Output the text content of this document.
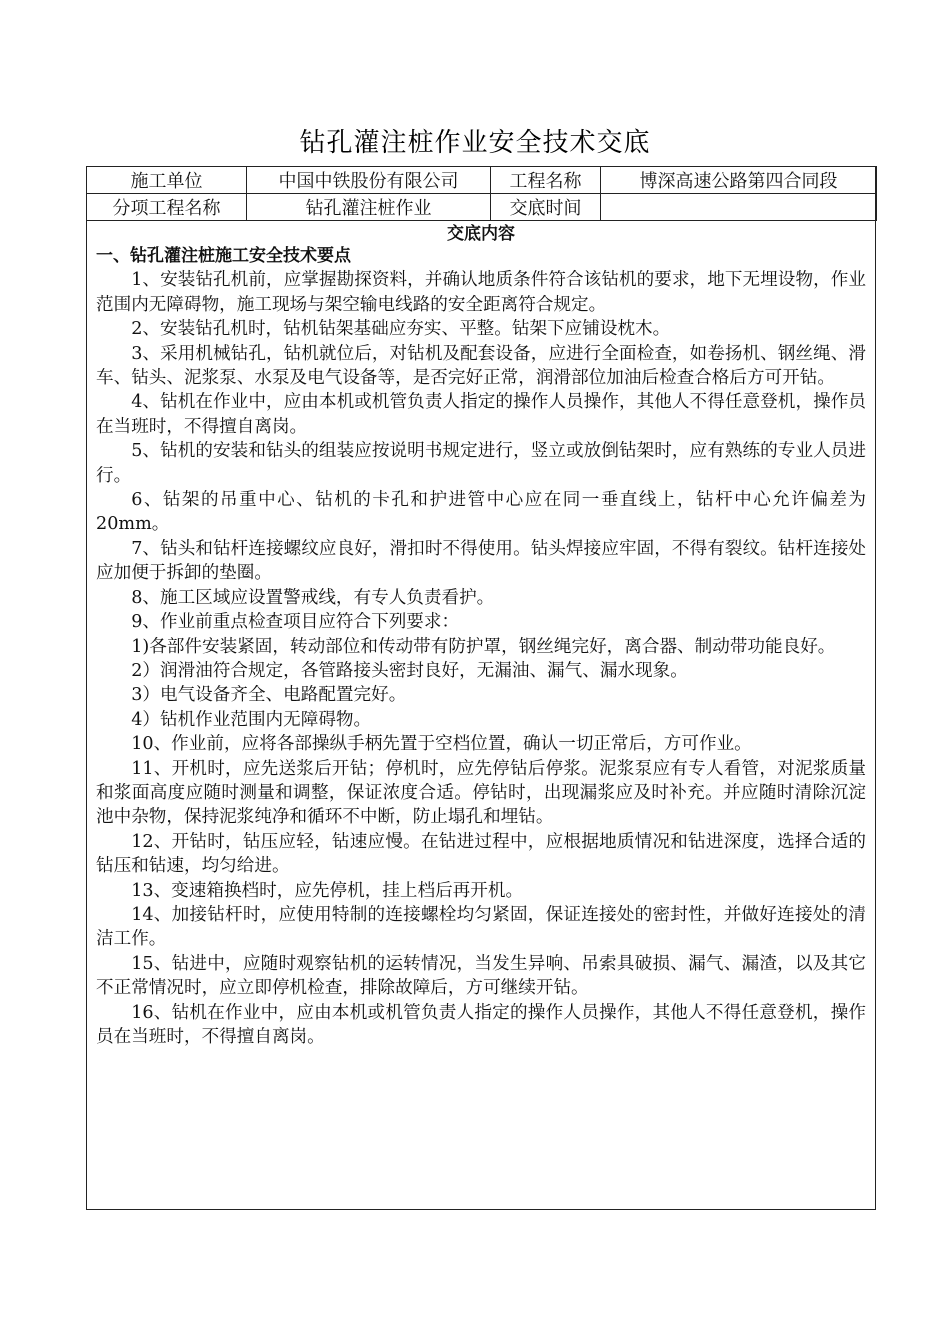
钻孔灌注桩作业安全技术交底
施工单位	中国中铁股份有限公司	工程名称	博深高速公路第四合同段
分项工程名称	钻孔灌注桩作业	交底时间	
交底内容

一、钻孔灌注桩施工安全技术要点

1、安装钻孔机前，应掌握勘探资料，并确认地质条件符合该钻机的要求，地下无埋设物，作业范围内无障碍物，施工现场与架空输电线路的安全距离符合规定。

2、安装钻孔机时，钻机钻架基础应夯实、平整。钻架下应铺设枕木。

3、采用机械钻孔，钻机就位后，对钻机及配套设备，应进行全面检查，如卷扬机、钢丝绳、滑车、钻头、泥浆泵、水泵及电气设备等，是否完好正常，润滑部位加油后检查合格后方可开钻。

4、钻机在作业中，应由本机或机管负责人指定的操作人员操作，其他人不得任意登机，操作员在当班时，不得擅自离岗。

5、钻机的安装和钻头的组装应按说明书规定进行，竖立或放倒钻架时，应有熟练的专业人员进行。

6、钻架的吊重中心、钻机的卡孔和护进管中心应在同一垂直线上，钻杆中心允许偏差为20mm。

7、钻头和钻杆连接螺纹应良好，滑扣时不得使用。钻头焊接应牢固，不得有裂纹。钻杆连接处应加便于拆卸的垫圈。

8、施工区域应设置警戒线，有专人负责看护。

9、作业前重点检查项目应符合下列要求：

1)各部件安装紧固，转动部位和传动带有防护罩，钢丝绳完好，离合器、制动带功能良好。

2）润滑油符合规定，各管路接头密封良好，无漏油、漏气、漏水现象。

3）电气设备齐全、电路配置完好。

4）钻机作业范围内无障碍物。

10、作业前，应将各部操纵手柄先置于空档位置，确认一切正常后，方可作业。

11、开机时，应先送浆后开钻；停机时，应先停钻后停浆。泥浆泵应有专人看管，对泥浆质量和浆面高度应随时测量和调整，保证浓度合适。停钻时，出现漏浆应及时补充。并应随时清除沉淀池中杂物，保持泥浆纯净和循环不中断，防止塌孔和埋钻。

12、开钻时，钻压应轻，钻速应慢。在钻进过程中，应根据地质情况和钻进深度，选择合适的钻压和钻速，均匀给进。

13、变速箱换档时，应先停机，挂上档后再开机。

14、加接钻杆时，应使用特制的连接螺栓均匀紧固，保证连接处的密封性，并做好连接处的清洁工作。

15、钻进中，应随时观察钻机的运转情况，当发生异响、吊索具破损、漏气、漏渣，以及其它不正常情况时，应立即停机检查，排除故障后，方可继续开钻。

16、钻机在作业中，应由本机或机管负责人指定的操作人员操作，其他人不得任意登机，操作员在当班时，不得擅自离岗。
